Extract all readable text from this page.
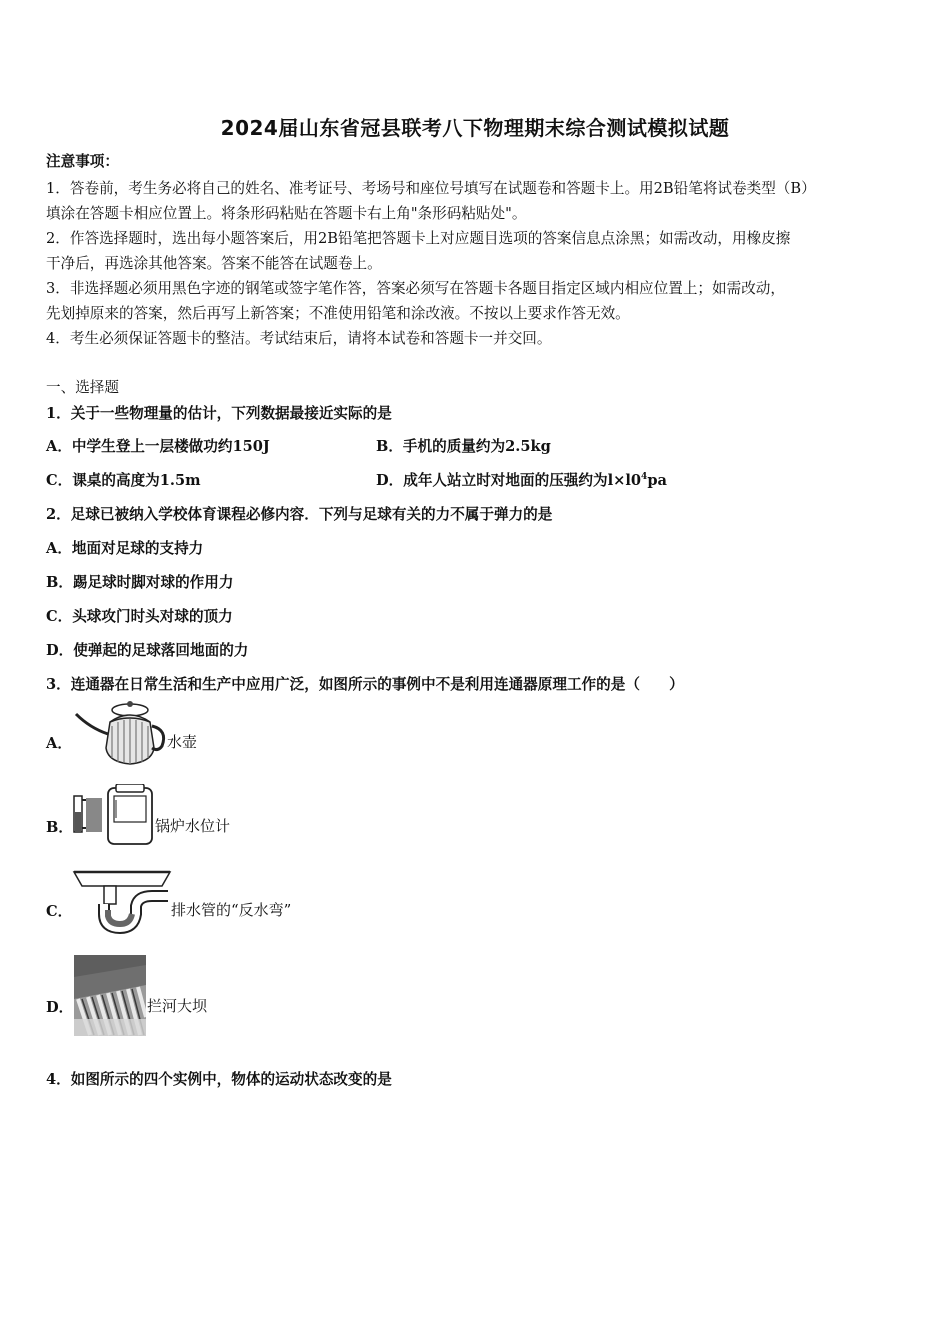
2024届山东省冠县联考八下物理期末综合测试模拟试题
注意事项：
1．答卷前，考生务必将自己的姓名、准考证号、考场号和座位号填写在试题卷和答题卡上。用2B铅笔将试卷类型（B）
填涂在答题卡相应位置上。将条形码粘贴在答题卡右上角"条形码粘贴处"。
2．作答选择题时，选出每小题答案后，用2B铅笔把答题卡上对应题目选项的答案信息点涂黑；如需改动，用橡皮擦
干净后，再选涂其他答案。答案不能答在试题卷上。
3．非选择题必须用黑色字迹的钢笔或签字笔作答，答案必须写在答题卡各题目指定区域内相应位置上；如需改动，
先划掉原来的答案，然后再写上新答案；不准使用铅笔和涂改液。不按以上要求作答无效。
4．考生必须保证答题卡的整洁。考试结束后，请将本试卷和答题卡一并交回。
一、选择题
1．关于一些物理量的估计，下列数据最接近实际的是
A．中学生登上一层楼做功约150J	B．手机的质量约为2.5kg
C．课桌的高度为1.5m	D．成年人站立时对地面的压强约为$l\times l0^4pa$
2．足球已被纳入学校体育课程必修内容．下列与足球有关的力不属于弹力的是
A．地面对足球的支持力
B．踢足球时脚对球的作用力
C．头球攻门时头对球的顶力
D．使弹起的足球落回地面的力
3．连通器在日常生活和生产中应用广泛，如图所示的事例中不是利用连通器原理工作的是（　　）
A．	水壶
B．	锅炉水位计
C．	排水管的“反水弯”
D．	拦河大坝
4．如图所示的四个实例中，物体的运动状态改变的是
